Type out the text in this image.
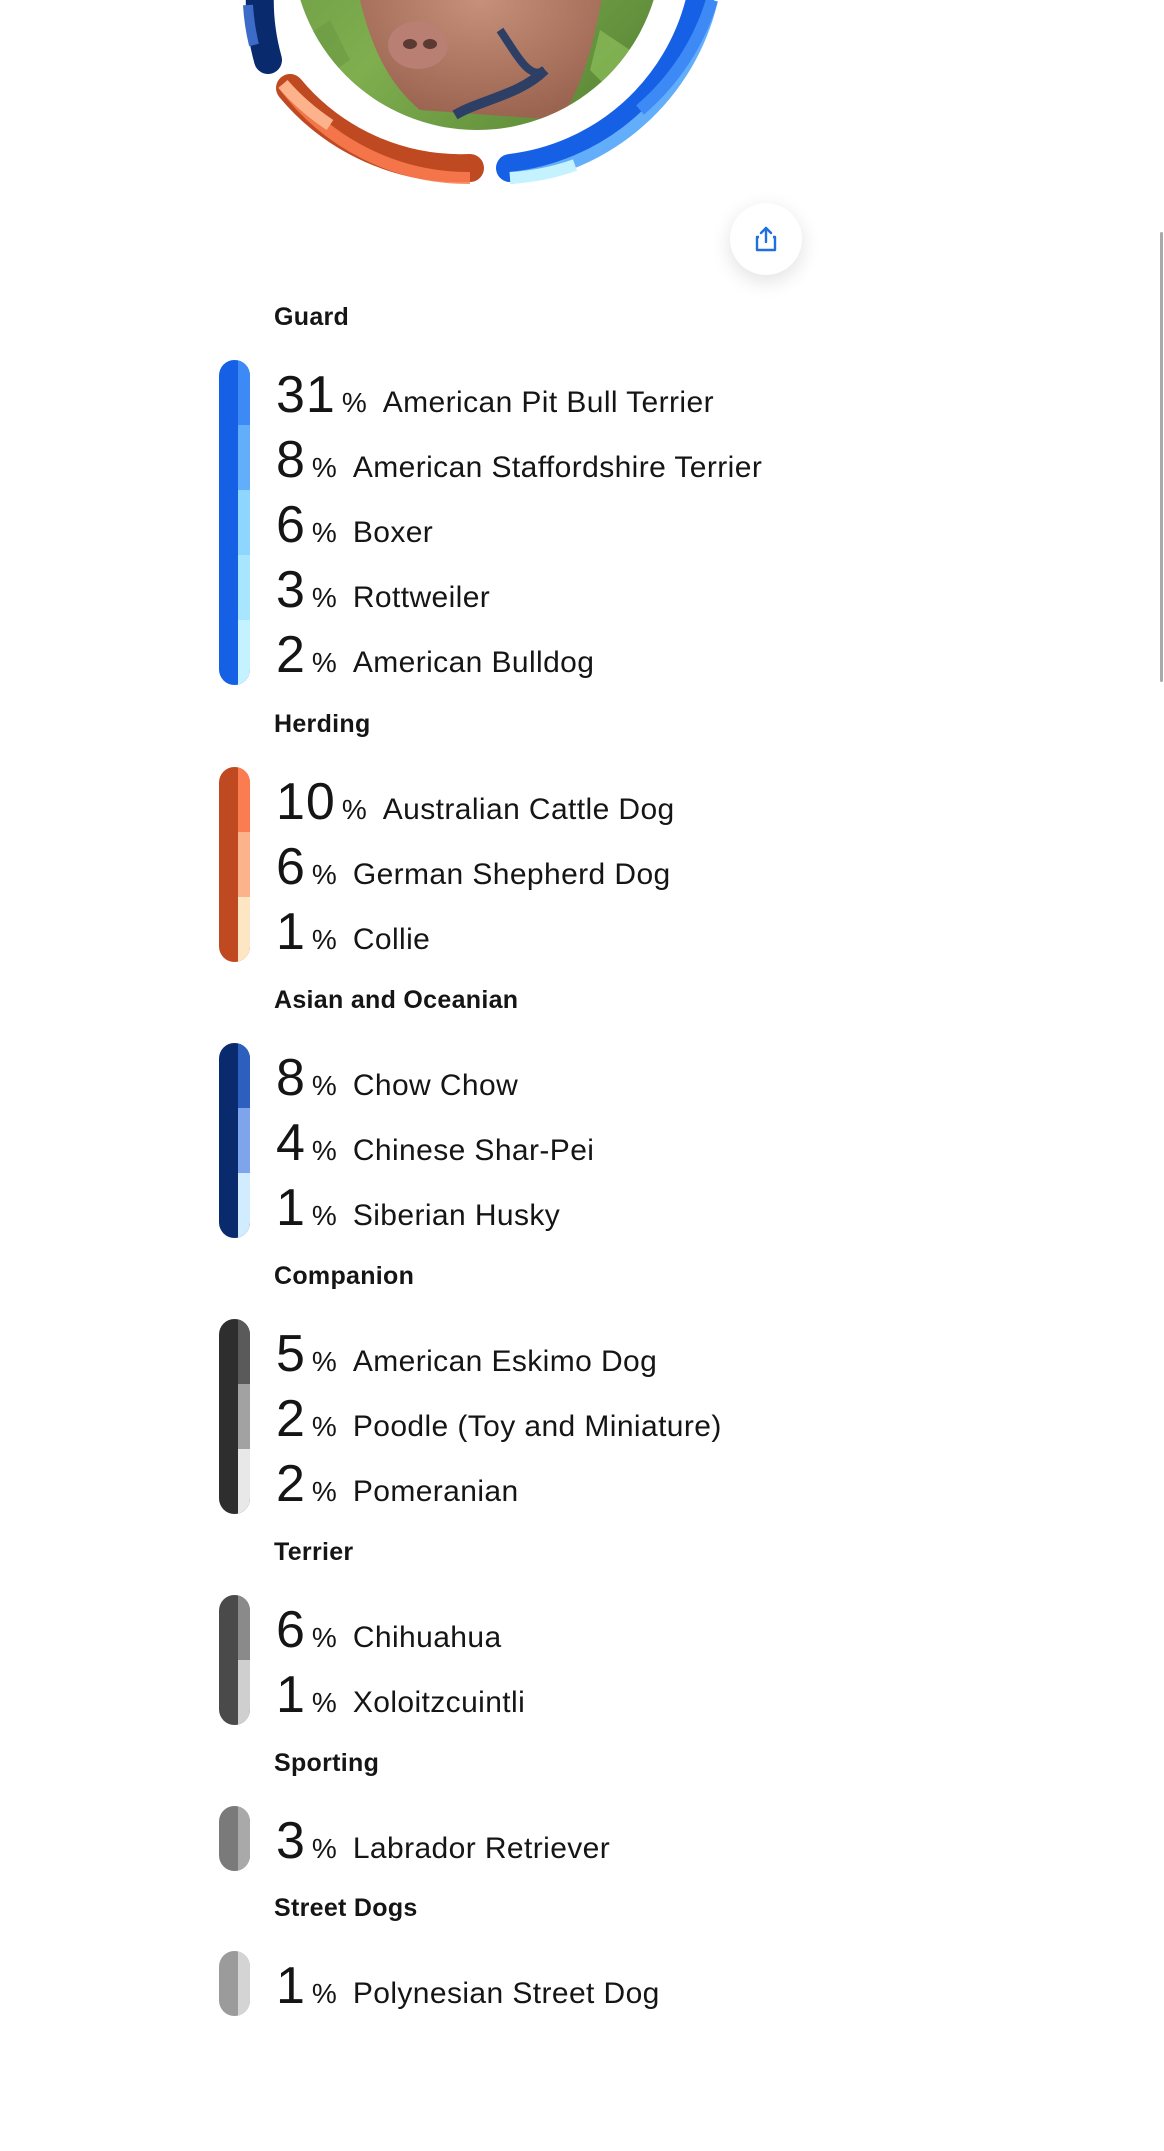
Guard
31 % American Pit Bull Terrier
8 % American Staffordshire Terrier
6 % Boxer
3 % Rottweiler
2 % American Bulldog
Herding
10 % Australian Cattle Dog
6 % German Shepherd Dog
1 % Collie
Asian and Oceanian
8 % Chow Chow
4 % Chinese Shar-Pei
1 % Siberian Husky
Companion
5 % American Eskimo Dog
2 % Poodle (Toy and Miniature)
2 % Pomeranian
Terrier
6 % Chihuahua
1 % Xoloitzcuintli
Sporting
3 % Labrador Retriever
Street Dogs
1 % Polynesian Street Dog
